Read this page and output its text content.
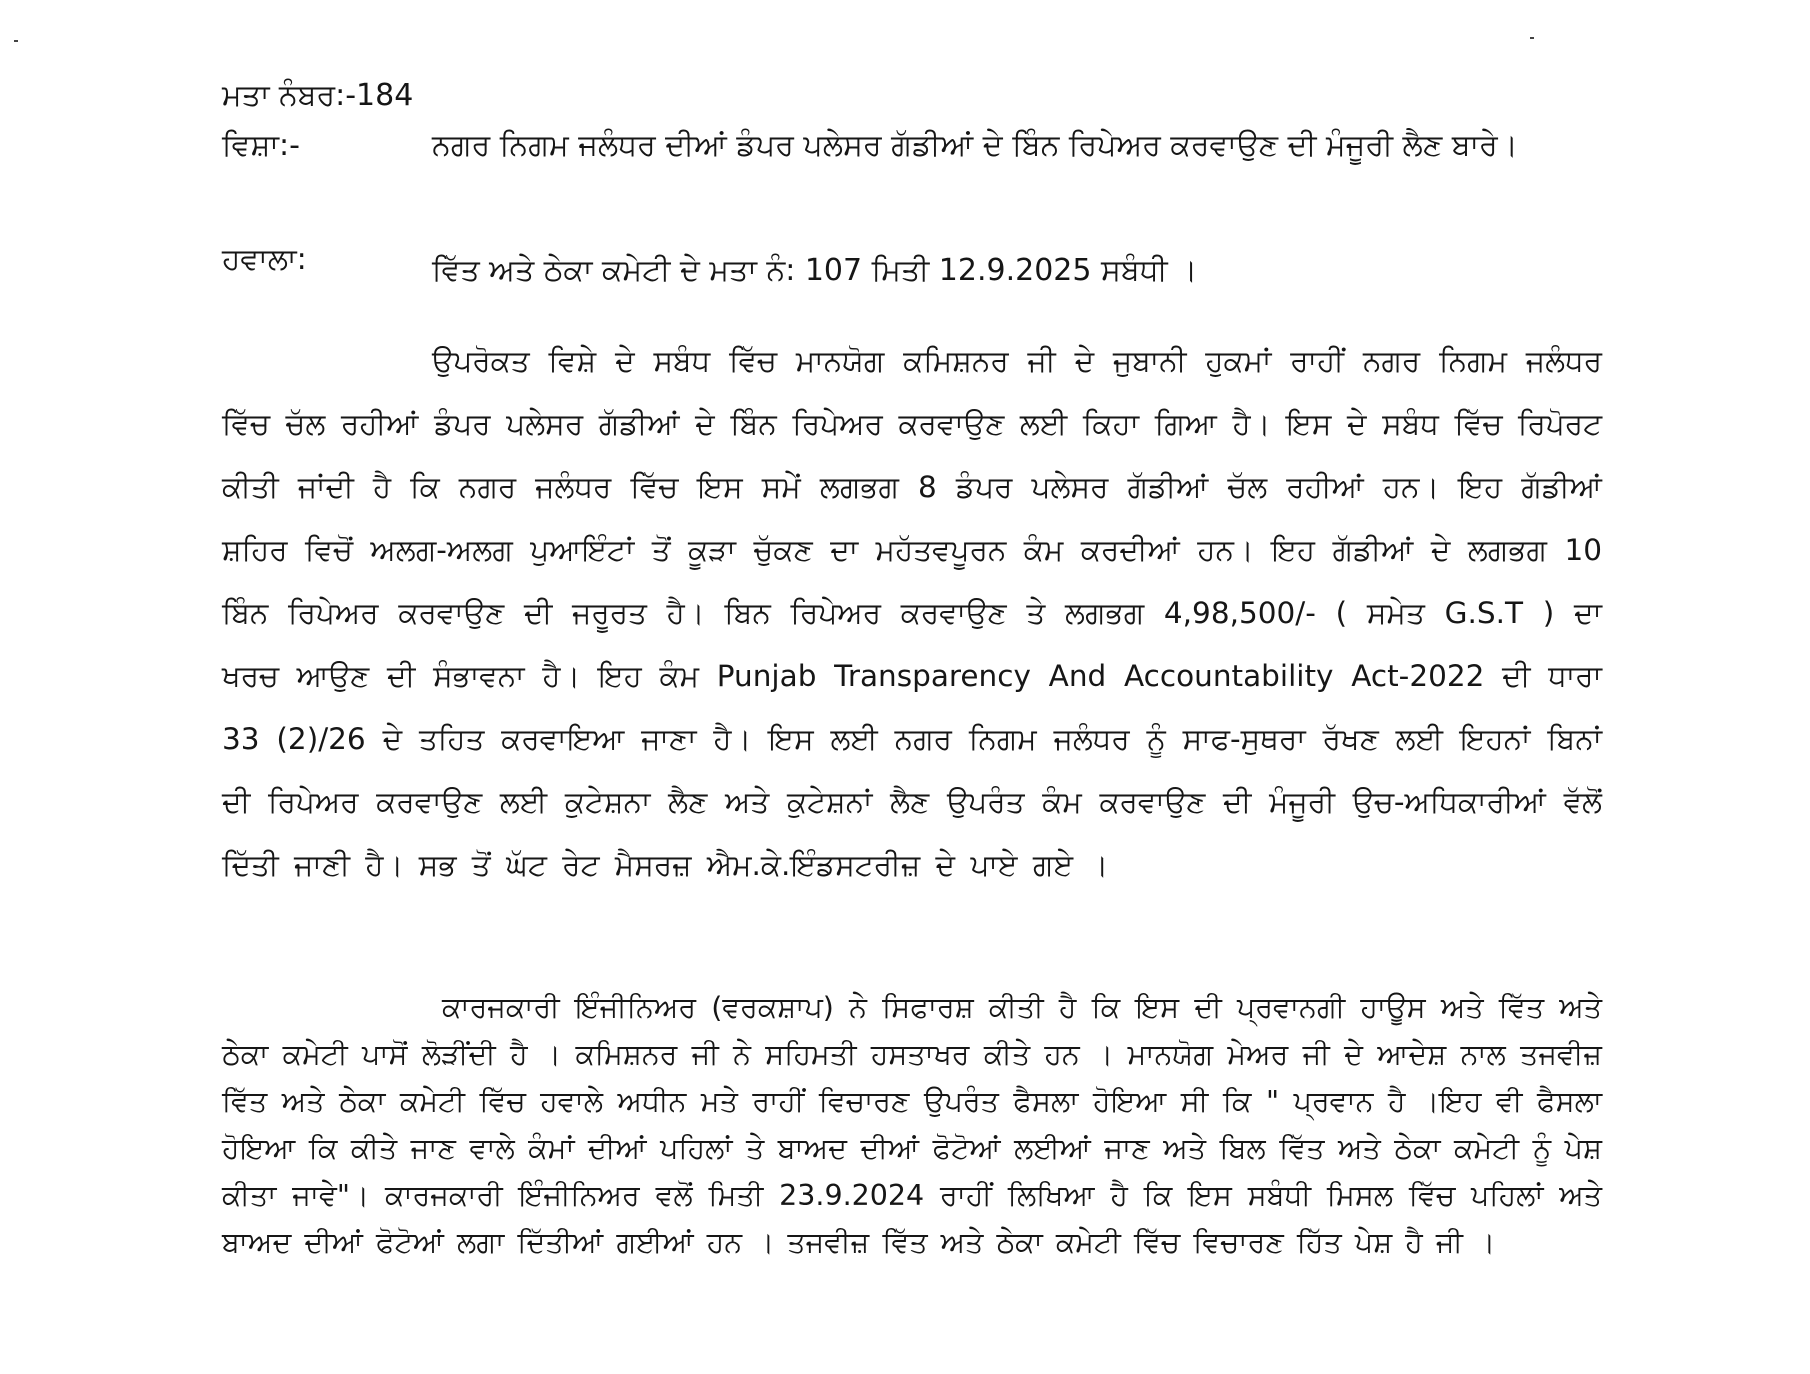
ਮਤਾ ਨੰਬਰ:-184
ਵਿਸ਼ਾ:-	ਨਗਰ ਨਿਗਮ ਜਲੰਧਰ ਦੀਆਂ ਡੰਪਰ ਪਲੇਸਰ ਗੱਡੀਆਂ ਦੇ ਬਿੰਨ ਰਿਪੇਅਰ ਕਰਵਾਉਣ ਦੀ ਮੰਜੂਰੀ ਲੈਣ ਬਾਰੇ।
ਹਵਾਲਾ:	ਵਿੱਤ ਅਤੇ ਠੇਕਾ ਕਮੇਟੀ ਦੇ ਮਤਾ ਨੰ: 107 ਮਿਤੀ 12.9.2025 ਸਬੰਧੀ ।

ਉਪਰੋਕਤ ਵਿਸ਼ੇ ਦੇ ਸਬੰਧ ਵਿੱਚ ਮਾਨਯੋਗ ਕਮਿਸ਼ਨਰ ਜੀ ਦੇ ਜੁਬਾਨੀ ਹੁਕਮਾਂ ਰਾਹੀਂ ਨਗਰ ਨਿਗਮ ਜਲੰਧਰ ਵਿੱਚ ਚੱਲ ਰਹੀਆਂ ਡੰਪਰ ਪਲੇਸਰ ਗੱਡੀਆਂ ਦੇ ਬਿੰਨ ਰਿਪੇਅਰ ਕਰਵਾਉਣ ਲਈ ਕਿਹਾ ਗਿਆ ਹੈ। ਇਸ ਦੇ ਸਬੰਧ ਵਿੱਚ ਰਿਪੋਰਟ ਕੀਤੀ ਜਾਂਦੀ ਹੈ ਕਿ ਨਗਰ ਜਲੰਧਰ ਵਿੱਚ ਇਸ ਸਮੇਂ ਲਗਭਗ 8 ਡੰਪਰ ਪਲੇਸਰ ਗੱਡੀਆਂ ਚੱਲ ਰਹੀਆਂ ਹਨ। ਇਹ ਗੱਡੀਆਂ ਸ਼ਹਿਰ ਵਿਚੋਂ ਅਲਗ-ਅਲਗ ਪੁਆਇੰਟਾਂ ਤੋਂ ਕੂੜਾ ਚੁੱਕਣ ਦਾ ਮਹੱਤਵਪੂਰਨ ਕੰਮ ਕਰਦੀਆਂ ਹਨ। ਇਹ ਗੱਡੀਆਂ ਦੇ ਲਗਭਗ 10 ਬਿੰਨ ਰਿਪੇਅਰ ਕਰਵਾਉਣ ਦੀ ਜਰੂਰਤ ਹੈ। ਬਿਨ ਰਿਪੇਅਰ ਕਰਵਾਉਣ ਤੇ ਲਗਭਗ 4,98,500/- ( ਸਮੇਤ G.S.T ) ਦਾ ਖਰਚ ਆਉਣ ਦੀ ਸੰਭਾਵਨਾ ਹੈ। ਇਹ ਕੰਮ Punjab Transparency And Accountability Act-2022 ਦੀ ਧਾਰਾ 33 (2)/26 ਦੇ ਤਹਿਤ ਕਰਵਾਇਆ ਜਾਣਾ ਹੈ। ਇਸ ਲਈ ਨਗਰ ਨਿਗਮ ਜਲੰਧਰ ਨੂੰ ਸਾਫ-ਸੁਥਰਾ ਰੱਖਣ ਲਈ ਇਹਨਾਂ ਬਿਨਾਂ ਦੀ ਰਿਪੇਅਰ ਕਰਵਾਉਣ ਲਈ ਕੁਟੇਸ਼ਨਾ ਲੈਣ ਅਤੇ ਕੁਟੇਸ਼ਨਾਂ ਲੈਣ ਉਪਰੰਤ ਕੰਮ ਕਰਵਾਉਣ ਦੀ ਮੰਜੂਰੀ ਉਚ-ਅਧਿਕਾਰੀਆਂ ਵੱਲੋਂ ਦਿੱਤੀ ਜਾਣੀ ਹੈ। ਸਭ ਤੋਂ ਘੱਟ ਰੇਟ ਮੈਸਰਜ਼ ਐਮ.ਕੇ.ਇੰਡਸਟਰੀਜ਼ ਦੇ ਪਾਏ ਗਏ ।

ਕਾਰਜਕਾਰੀ ਇੰਜੀਨਿਅਰ (ਵਰਕਸ਼ਾਪ) ਨੇ ਸਿਫਾਰਸ਼ ਕੀਤੀ ਹੈ ਕਿ ਇਸ ਦੀ ਪ੍ਰਵਾਨਗੀ ਹਾਊਸ ਅਤੇ ਵਿੱਤ ਅਤੇ ਠੇਕਾ ਕਮੇਟੀ ਪਾਸੋਂ ਲੋੜੀਂਦੀ ਹੈ । ਕਮਿਸ਼ਨਰ ਜੀ ਨੇ ਸਹਿਮਤੀ ਹਸਤਾਖਰ ਕੀਤੇ ਹਨ । ਮਾਨਯੋਗ ਮੇਅਰ ਜੀ ਦੇ ਆਦੇਸ਼ ਨਾਲ ਤਜਵੀਜ਼ ਵਿੱਤ ਅਤੇ ਠੇਕਾ ਕਮੇਟੀ ਵਿੱਚ ਹਵਾਲੇ ਅਧੀਨ ਮਤੇ ਰਾਹੀਂ ਵਿਚਾਰਣ ਉਪਰੰਤ ਫੈਸਲਾ ਹੋਇਆ ਸੀ ਕਿ " ਪ੍ਰਵਾਨ ਹੈ ।ਇਹ ਵੀ ਫੈਸਲਾ ਹੋਇਆ ਕਿ ਕੀਤੇ ਜਾਣ ਵਾਲੇ ਕੰਮਾਂ ਦੀਆਂ ਪਹਿਲਾਂ ਤੇ ਬਾਅਦ ਦੀਆਂ ਫੋਟੋਆਂ ਲਈਆਂ ਜਾਣ ਅਤੇ ਬਿਲ ਵਿੱਤ ਅਤੇ ਠੇਕਾ ਕਮੇਟੀ ਨੂੰ ਪੇਸ਼ ਕੀਤਾ ਜਾਵੇ"। ਕਾਰਜਕਾਰੀ ਇੰਜੀਨਿਅਰ ਵਲੋਂ ਮਿਤੀ 23.9.2024 ਰਾਹੀਂ ਲਿਖਿਆ ਹੈ ਕਿ ਇਸ ਸਬੰਧੀ ਮਿਸਲ ਵਿੱਚ ਪਹਿਲਾਂ ਅਤੇ ਬਾਅਦ ਦੀਆਂ ਫੋਟੋਆਂ ਲਗਾ ਦਿੱਤੀਆਂ ਗਈਆਂ ਹਨ । ਤਜਵੀਜ਼ ਵਿੱਤ ਅਤੇ ਠੇਕਾ ਕਮੇਟੀ ਵਿੱਚ ਵਿਚਾਰਣ ਹਿੱਤ ਪੇਸ਼ ਹੈ ਜੀ ।
